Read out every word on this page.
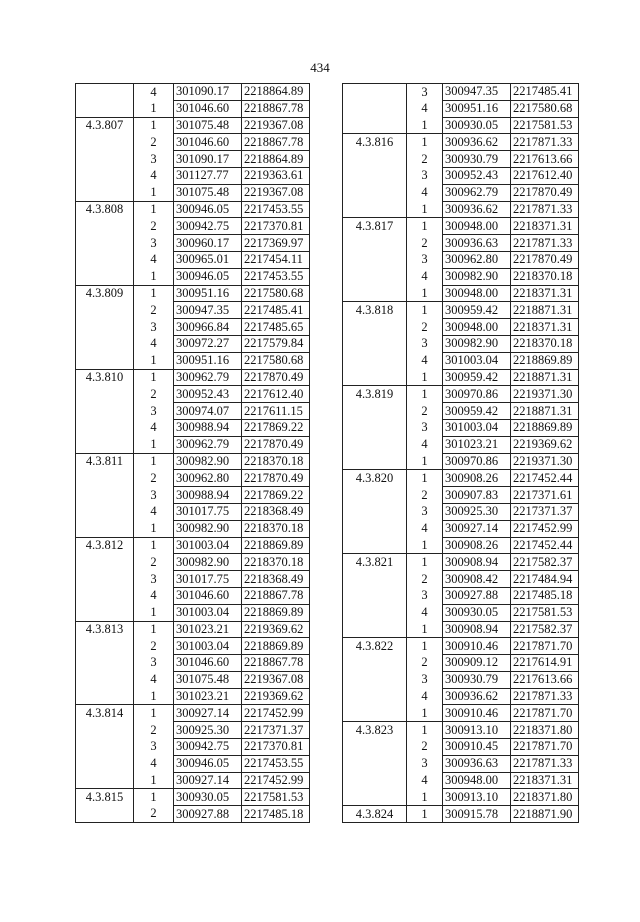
434
	4	301090.17	2218864.89
	1	301046.60	2218867.78
4.3.807	1	301075.48	2219367.08
	2	301046.60	2218867.78
	3	301090.17	2218864.89
	4	301127.77	2219363.61
	1	301075.48	2219367.08
4.3.808	1	300946.05	2217453.55
	2	300942.75	2217370.81
	3	300960.17	2217369.97
	4	300965.01	2217454.11
	1	300946.05	2217453.55
4.3.809	1	300951.16	2217580.68
	2	300947.35	2217485.41
	3	300966.84	2217485.65
	4	300972.27	2217579.84
	1	300951.16	2217580.68
4.3.810	1	300962.79	2217870.49
	2	300952.43	2217612.40
	3	300974.07	2217611.15
	4	300988.94	2217869.22
	1	300962.79	2217870.49
4.3.811	1	300982.90	2218370.18
	2	300962.80	2217870.49
	3	300988.94	2217869.22
	4	301017.75	2218368.49
	1	300982.90	2218370.18
4.3.812	1	301003.04	2218869.89
	2	300982.90	2218370.18
	3	301017.75	2218368.49
	4	301046.60	2218867.78
	1	301003.04	2218869.89
4.3.813	1	301023.21	2219369.62
	2	301003.04	2218869.89
	3	301046.60	2218867.78
	4	301075.48	2219367.08
	1	301023.21	2219369.62
4.3.814	1	300927.14	2217452.99
	2	300925.30	2217371.37
	3	300942.75	2217370.81
	4	300946.05	2217453.55
	1	300927.14	2217452.99
4.3.815	1	300930.05	2217581.53
	2	300927.88	2217485.18
	3	300947.35	2217485.41
	4	300951.16	2217580.68
	1	300930.05	2217581.53
4.3.816	1	300936.62	2217871.33
	2	300930.79	2217613.66
	3	300952.43	2217612.40
	4	300962.79	2217870.49
	1	300936.62	2217871.33
4.3.817	1	300948.00	2218371.31
	2	300936.63	2217871.33
	3	300962.80	2217870.49
	4	300982.90	2218370.18
	1	300948.00	2218371.31
4.3.818	1	300959.42	2218871.31
	2	300948.00	2218371.31
	3	300982.90	2218370.18
	4	301003.04	2218869.89
	1	300959.42	2218871.31
4.3.819	1	300970.86	2219371.30
	2	300959.42	2218871.31
	3	301003.04	2218869.89
	4	301023.21	2219369.62
	1	300970.86	2219371.30
4.3.820	1	300908.26	2217452.44
	2	300907.83	2217371.61
	3	300925.30	2217371.37
	4	300927.14	2217452.99
	1	300908.26	2217452.44
4.3.821	1	300908.94	2217582.37
	2	300908.42	2217484.94
	3	300927.88	2217485.18
	4	300930.05	2217581.53
	1	300908.94	2217582.37
4.3.822	1	300910.46	2217871.70
	2	300909.12	2217614.91
	3	300930.79	2217613.66
	4	300936.62	2217871.33
	1	300910.46	2217871.70
4.3.823	1	300913.10	2218371.80
	2	300910.45	2217871.70
	3	300936.63	2217871.33
	4	300948.00	2218371.31
	1	300913.10	2218371.80
4.3.824	1	300915.78	2218871.90
